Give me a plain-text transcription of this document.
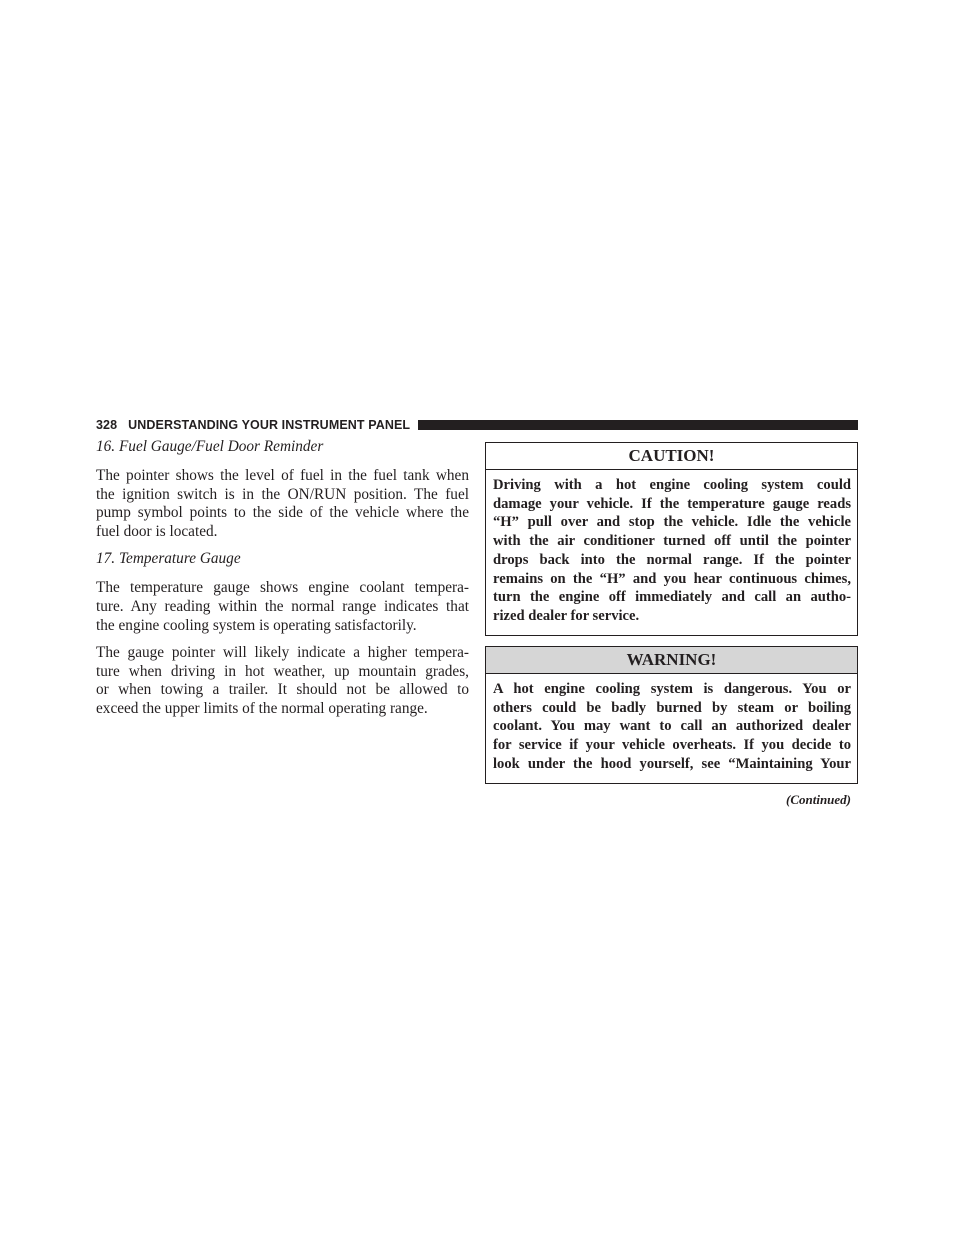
328 UNDERSTANDING YOUR INSTRUMENT PANEL
16. Fuel Gauge/Fuel Door Reminder

The pointer shows the level of fuel in the fuel tank when
the ignition switch is in the ON/RUN position. The fuel
pump symbol points to the side of the vehicle where the
fuel door is located.

17. Temperature Gauge

The temperature gauge shows engine coolant tempera-
ture. Any reading within the normal range indicates that
the engine cooling system is operating satisfactorily.

The gauge pointer will likely indicate a higher tempera-
ture when driving in hot weather, up mountain grades,
or when towing a trailer. It should not be allowed to
exceed the upper limits of the normal operating range.

CAUTION!
Driving with a hot engine cooling system could
damage your vehicle. If the temperature gauge reads
“H” pull over and stop the vehicle. Idle the vehicle
with the air conditioner turned off until the pointer
drops back into the normal range. If the pointer
remains on the “H” and you hear continuous chimes,
turn the engine off immediately and call an autho-
rized dealer for service.
WARNING!
A hot engine cooling system is dangerous. You or
others could be badly burned by steam or boiling
coolant. You may want to call an authorized dealer
for service if your vehicle overheats. If you decide to
look under the hood yourself, see “Maintaining Your
(Continued)
